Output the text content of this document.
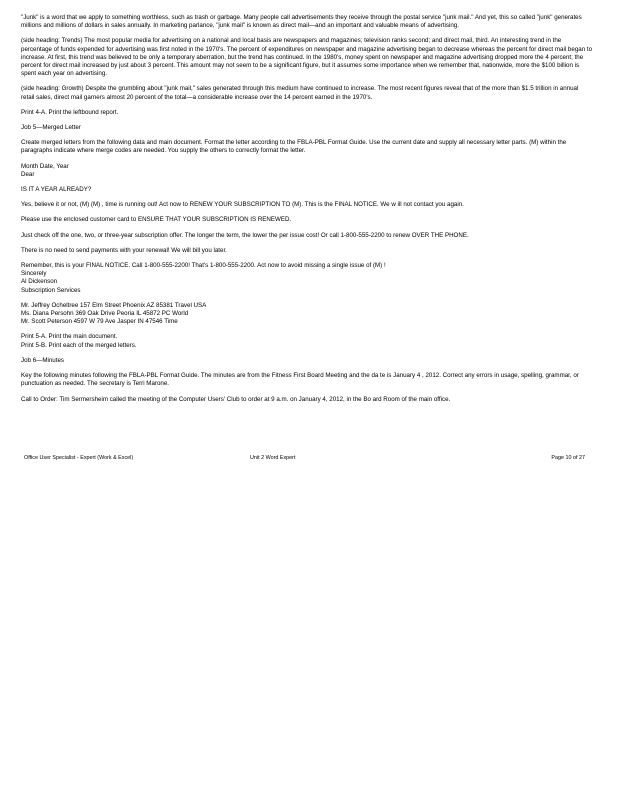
"Junk" is a word that we apply to something worthless, such as trash or garbage. Many people call advertisements they receive through the postal service "junk mail." And yet, this so called "junk" generates millions and millions of dollars in sales annually. In marketing parlance, "junk mail" is known as direct mail—and an important and valuable means of advertising.

(side heading: Trends) The most popular media for advertising on a national and local basis are newspapers and magazines; television ranks second; and direct mail, third. An interesting trend in the percentage of funds expended for advertising was first noted in the 1970's. The percent of expenditures on newspaper and magazine advertising began to decrease whereas the percent for direct mail began to increase. At first, this trend was believed to be only a temporary aberration, but the trend has continued. In the 1980's, money spent on newspaper and magazine advertising dropped more the 4 percent; the percent for direct mail increased by just about 3 percent. This amount may not seem to be a significant figure, but it assumes some importance when we remember that, nationwide, more the $100 billion is spent each year on advertising.

(side heading: Growth) Despite the grumbling about "junk mail," sales generated through this medium have continued to increase. The most recent figures reveal that of the more than $1.5 trillion in annual retail sales, direct mail garners almost 20 percent of the total—a considerable increase over the 14 percent earned in the 1970's.

Print 4-A. Print the leftbound report.

Job 5—Merged Letter

Create merged letters from the following data and main document. Format the letter according to the FBLA-PBL Format Guide. Use the current date and supply all necessary letter parts. (M) within the paragraphs indicate where merge codes are needed. You supply the others to correctly format the letter.

Month Date, Year

Dear

IS IT A YEAR ALREADY?

Yes, believe it or not, (M) (M) , time is running out! Act now to RENEW YOUR SUBSCRIPTION TO (M). This is the FINAL NOTICE. We w ill not contact you again.

Please use the enclosed customer card to ENSURE THAT YOUR SUBSCRIPTION IS RENEWED.

Just check off the one, two, or three-year subscription offer. The longer the term, the lower the per issue cost! Or call 1-800-555-2200 to renew OVER THE PHONE.

There is no need to send payments with your renewal! We will bill you later.

Remember, this is your FINAL NOTICE. Call 1-800-555-2200! That's 1-800-555-2200. Act now to avoid missing a single issue of (M) !

Sincerely

Al Dickenson

Subscription Services

Mr. Jeffrey Ocheltree 157 Elm Street Phoenix AZ 85381 Travel USA

Ms. Diana Persohn 369 Oak Drive Peoria IL 45872 PC World

Mr. Scott Peterson 4597 W 79 Ave Jasper IN 47546 Time

Print 5-A. Print the main document.

Print 5-B. Print each of the merged letters.

Job 6—Minutes

Key the following minutes following the FBLA-PBL Format Guide. The minutes are from the Fitness First Board Meeting and the da te is January 4 , 2012. Correct any errors in usage, spelling, grammar, or punctuation as needed. The secretary is Terri Marone.

Call to Order: Tim Sermersheim called the meeting of the Computer Users' Club to order at 9 a.m. on January 4, 2012, in the Bo ard Room of the main office.

Office User Specialist - Expert (Work & Excel)	Unit 2 Word Expert	Page 10 of 27
